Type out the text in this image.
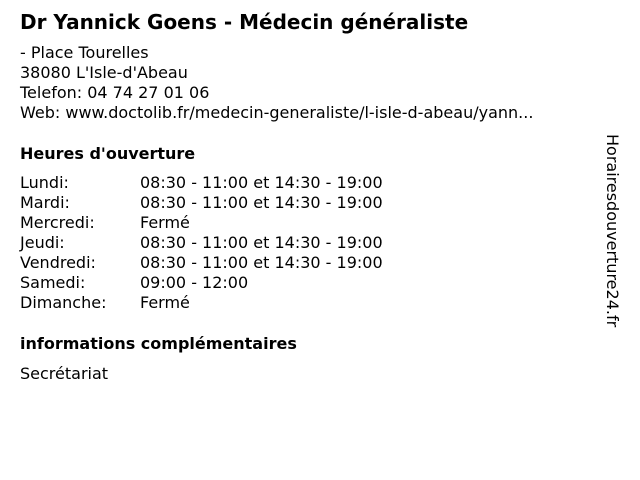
Dr Yannick Goens - Médecin généraliste
- Place Tourelles
38080 L'Isle-d'Abeau
Telefon: 04 74 27 01 06
Web: www.doctolib.fr/medecin-generaliste/l-isle-d-abeau/yann...
Heures d'ouverture
Lundi:	08:30 - 11:00 et 14:30 - 19:00
Mardi:	08:30 - 11:00 et 14:30 - 19:00
Mercredi:	Fermé
Jeudi:	08:30 - 11:00 et 14:30 - 19:00
Vendredi:	08:30 - 11:00 et 14:30 - 19:00
Samedi:	09:00 - 12:00
Dimanche: Fermé
informations complémentaires
Secrétariat
Horairesdouverture24.fr
